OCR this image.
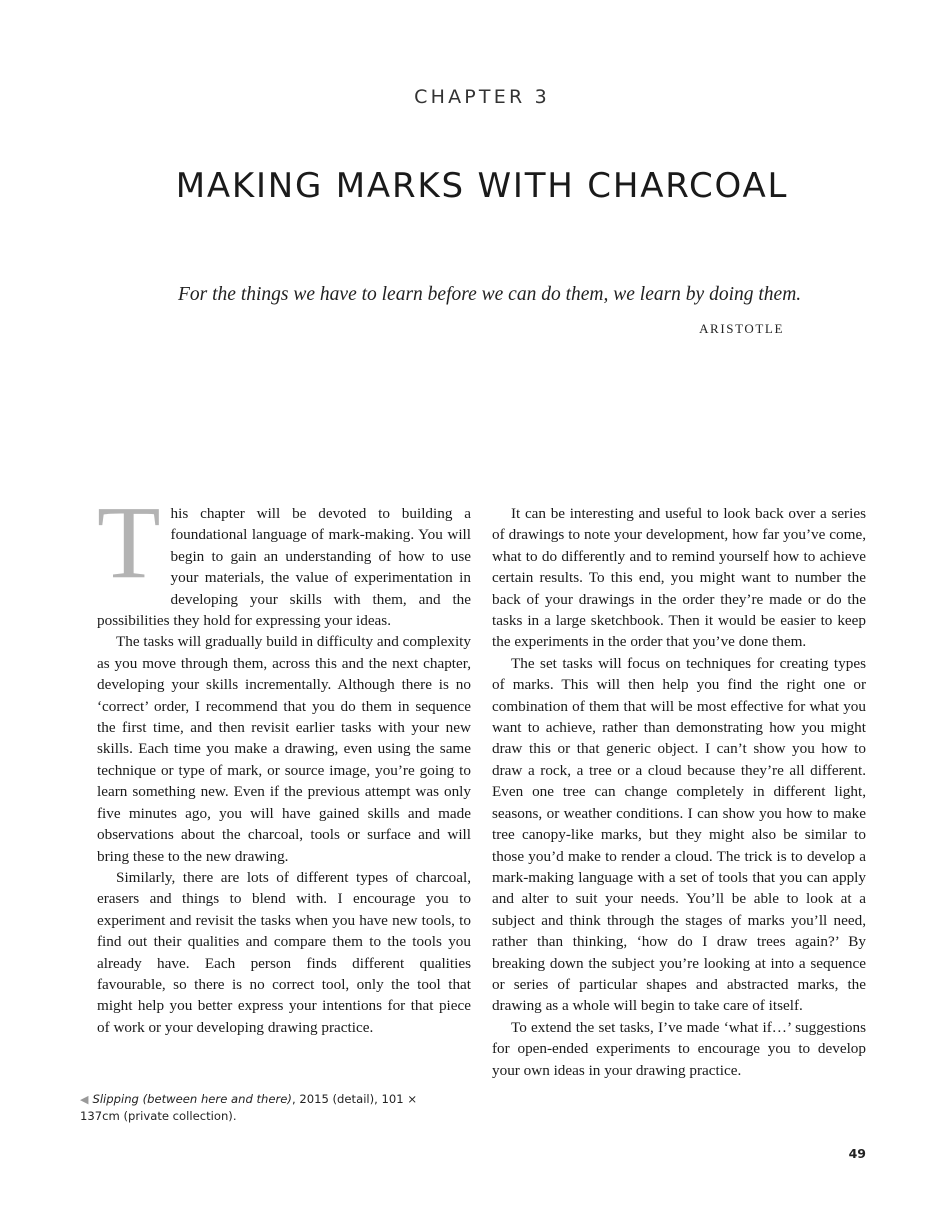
CHAPTER 3
MAKING MARKS WITH CHARCOAL
For the things we have to learn before we can do them, we learn by doing them.
ARISTOTLE

This chapter will be devoted to building a foundational language of mark-making. You will begin to gain an understanding of how to use your materials, the value of experimentation in developing your skills with them, and the possibilities they hold for expressing your ideas.

The tasks will gradually build in difficulty and complexity as you move through them, across this and the next chapter, developing your skills incrementally. Although there is no ‘correct’ order, I recommend that you do them in sequence the first time, and then revisit earlier tasks with your new skills. Each time you make a drawing, even using the same technique or type of mark, or source image, you’re going to learn something new. Even if the previous attempt was only five minutes ago, you will have gained skills and made observations about the charcoal, tools or surface and will bring these to the new drawing.

Similarly, there are lots of different types of charcoal, erasers and things to blend with. I encourage you to experiment and revisit the tasks when you have new tools, to find out their qualities and compare them to the tools you already have. Each person finds different qualities favourable, so there is no correct tool, only the tool that might help you better express your intentions for that piece of work or your developing drawing practice.

It can be interesting and useful to look back over a series of drawings to note your development, how far you’ve come, what to do differently and to remind yourself how to achieve certain results. To this end, you might want to number the back of your drawings in the order they’re made or do the tasks in a large sketchbook. Then it would be easier to keep the experiments in the order that you’ve done them.

The set tasks will focus on techniques for creating types of marks. This will then help you find the right one or combination of them that will be most effective for what you want to achieve, rather than demonstrating how you might draw this or that generic object. I can’t show you how to draw a rock, a tree or a cloud because they’re all different. Even one tree can change completely in different light, seasons, or weather conditions. I can show you how to make tree canopy-like marks, but they might also be similar to those you’d make to render a cloud. The trick is to develop a mark-making language with a set of tools that you can apply and alter to suit your needs. You’ll be able to look at a subject and think through the stages of marks you’ll need, rather than thinking, ‘how do I draw trees again?’ By breaking down the subject you’re looking at into a sequence or series of particular shapes and abstracted marks, the drawing as a whole will begin to take care of itself.

To extend the set tasks, I’ve made ‘what if…’ suggestions for open-ended experiments to encourage you to develop your own ideas in your drawing practice.

◀ Slipping (between here and there), 2015 (detail), 101 × 137cm (private collection).
49
